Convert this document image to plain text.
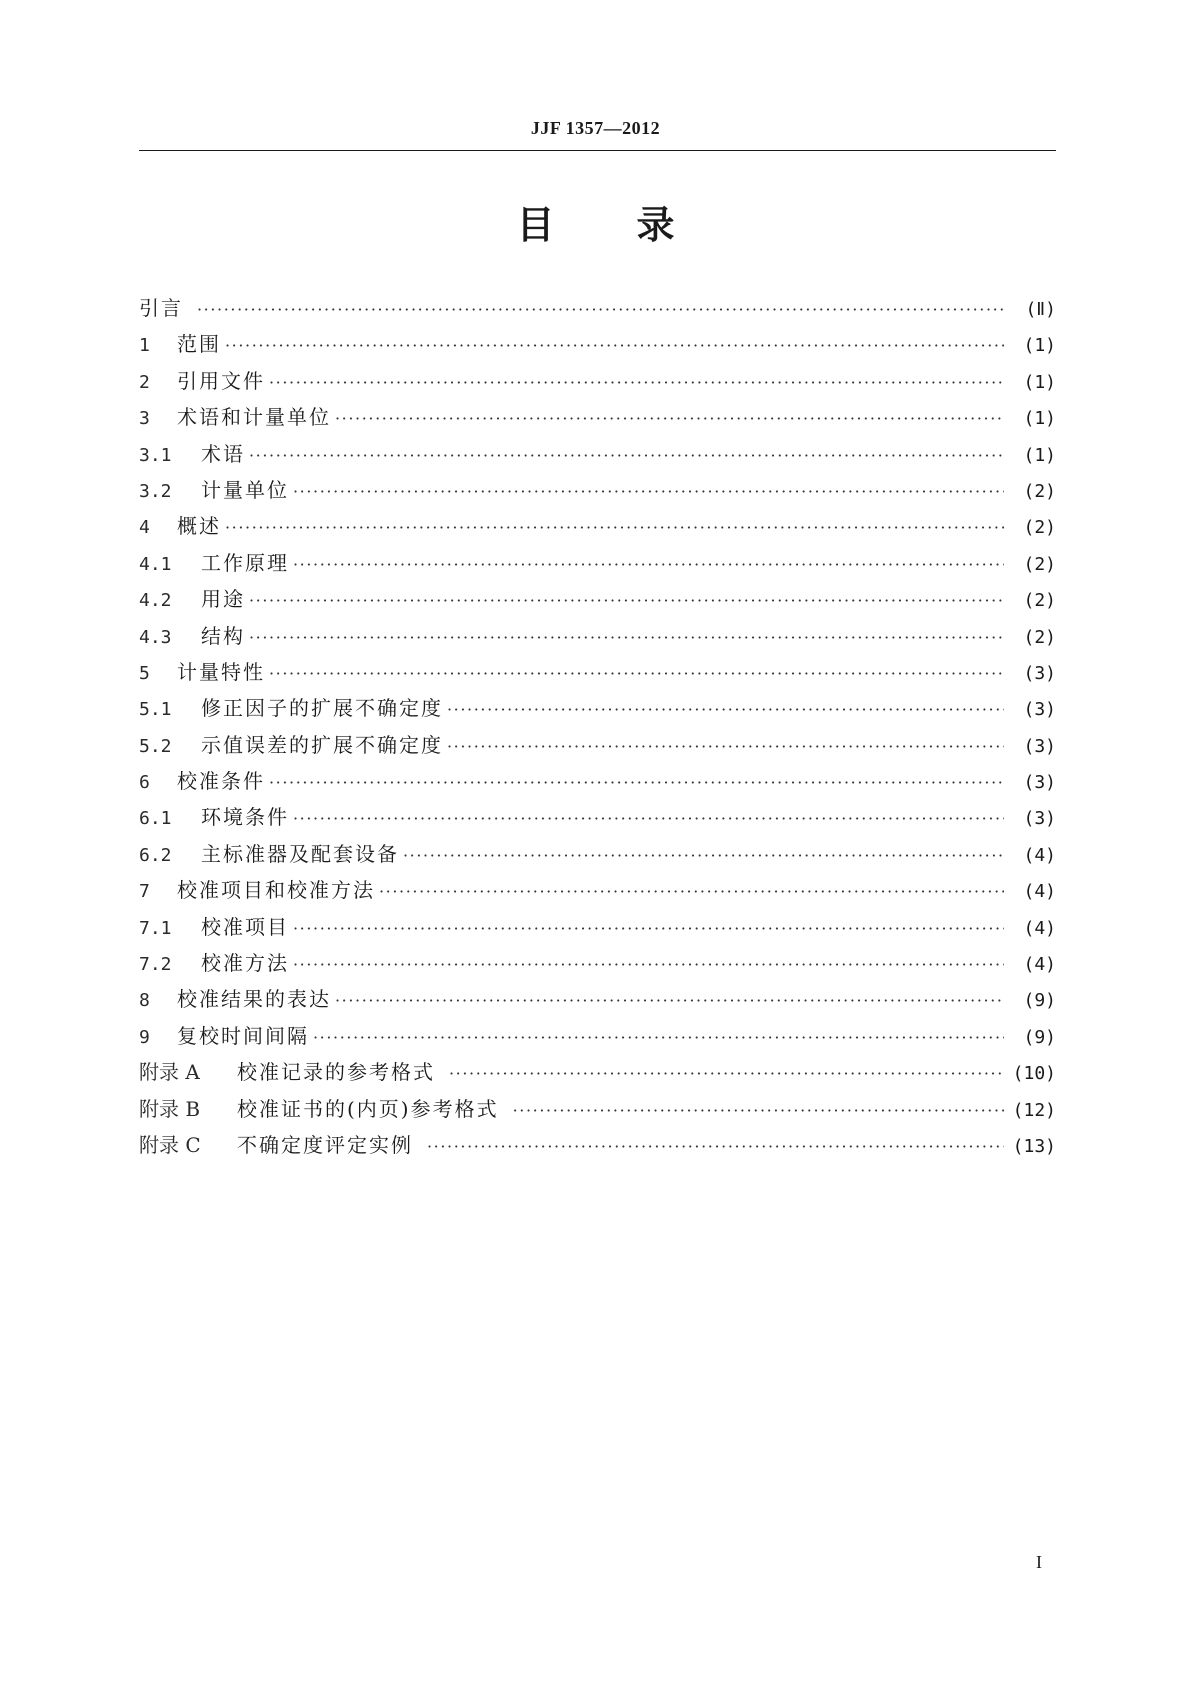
JJF 1357—2012
目 录
引言 ·····	(Ⅱ)
1	范围 ·····	(1)
2	引用文件 ·····	(1)
3	术语和计量单位 ·····	(1)
3.1	术语 ·····	(1)
3.2	计量单位 ·····	(2)
4	概述 ·····	(2)
4.1	工作原理 ·····	(2)
4.2	用途 ·····	(2)
4.3	结构 ·····	(2)
5	计量特性 ·····	(3)
5.1	修正因子的扩展不确定度 ·····	(3)
5.2	示值误差的扩展不确定度 ·····	(3)
6	校准条件 ·····	(3)
6.1	环境条件 ·····	(3)
6.2	主标准器及配套设备 ·····	(4)
7	校准项目和校准方法 ·····	(4)
7.1	校准项目 ·····	(4)
7.2	校准方法 ·····	(4)
8	校准结果的表达 ·····	(9)
9	复校时间间隔 ·····	(9)
附录 A	校准记录的参考格式 ·····	(10)
附录 B	校准证书的(内页)参考格式 ·····	(12)
附录 C	不确定度评定实例 ·····	(13)
I
